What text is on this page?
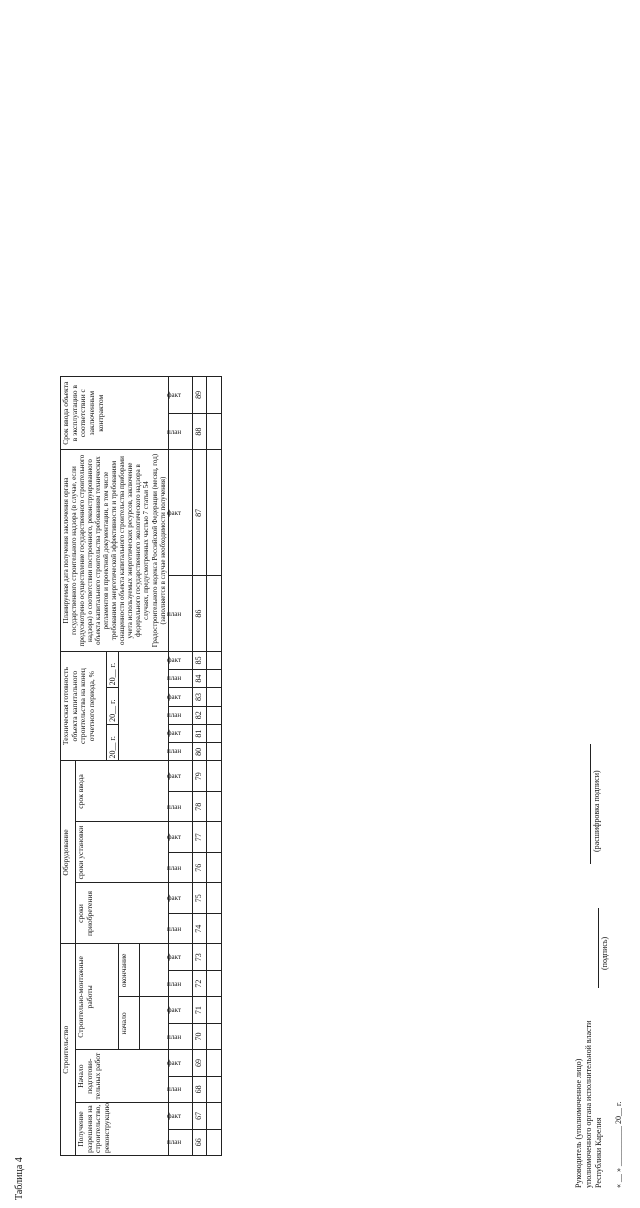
Таблица 4
Строительство								Оборудование						Техническая готовность объекта капитального строительства на конец отчетного периода, %						Планируемая дата получения заключения органа государственного строительного надзора (в случае, если предусмотрено осуществление государственного строительного надзора) о соответствии построенного, реконструированного объекта капитального строительства требованиям технических регламентов и проектной документации, в том числе требованиям энергетической эффективности и требованиям оснащенности объекта капитального строительства приборами учета используемых энергетических ресурсов, заключение федерального государственного экологического надзора в случаях, предусмотренных частью 7 статьи 54 Градостроительного кодекса Российской Федерации (месяц, год) (заполняется в случае необходимости получения)		Срок ввода объекта в эксплуатацию в соответствии с заключенным контрактом	
Получение разрешения на строительство, реконструкцию		Начало подготови-тельных работ		Строительно-монтажные работы				сроки приобретения		сроки установки		срок ввода											
														20__ г.		20__ г.		20__ г.					
				начало		окончание																	

план	факт	план	факт	план	факт	план	факт	план	факт	план	факт	план	факт	план	факт	план	факт	план	факт	план	факт	план	факт
66	67	68	69	70	71	72	73	74	75	76	77	78	79	80	81	82	83	84	85	86	87	88	89

Руководитель (уполномоченное лицо) уполномоченного органа исполнительной власти Республики Карелия
(подпись)
(расшифровка подписи)
« __ » __________ 20__ г.
